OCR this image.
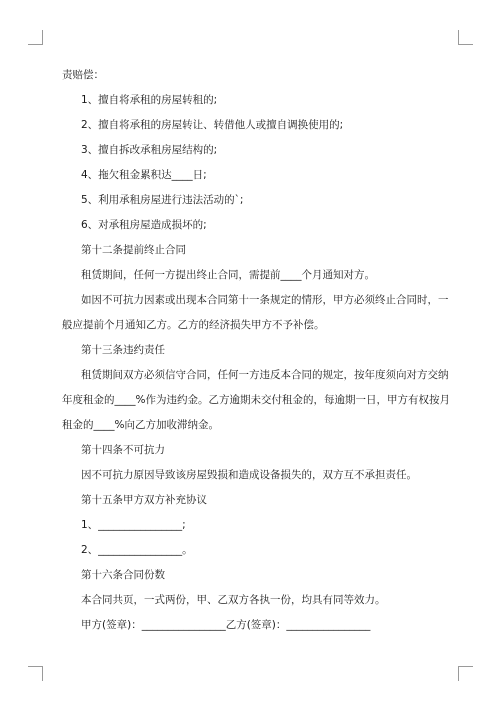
责赔偿：
1、擅自将承租的房屋转租的;
2、擅自将承租的房屋转让、转借他人或擅自调换使用的;
3、擅自拆改承租房屋结构的;
4、拖欠租金累积达____日;
5、利用承租房屋进行违法活动的`;
6、对承租房屋造成损坏的;
第十二条提前终止合同
租赁期间，任何一方提出终止合同，需提前____个月通知对方。
如因不可抗力因素或出现本合同第十一条规定的情形，甲方必须终止合同时，一
般应提前个月通知乙方。乙方的经济损失甲方不予补偿。
第十三条违约责任
租赁期间双方必须信守合同，任何一方违反本合同的规定，按年度须向对方交纳
年度租金的____%作为违约金。乙方逾期未交付租金的，每逾期一日，甲方有权按月
租金的____%向乙方加收滞纳金。
第十四条不可抗力
因不可抗力原因导致该房屋毁损和造成设备损失的，双方互不承担责任。
第十五条甲方双方补充协议
1、________________;
2、________________。
第十六条合同份数
本合同共页，一式两份，甲、乙双方各执一份，均具有同等效力。
甲方(签章)：________________乙方(签章)：________________
